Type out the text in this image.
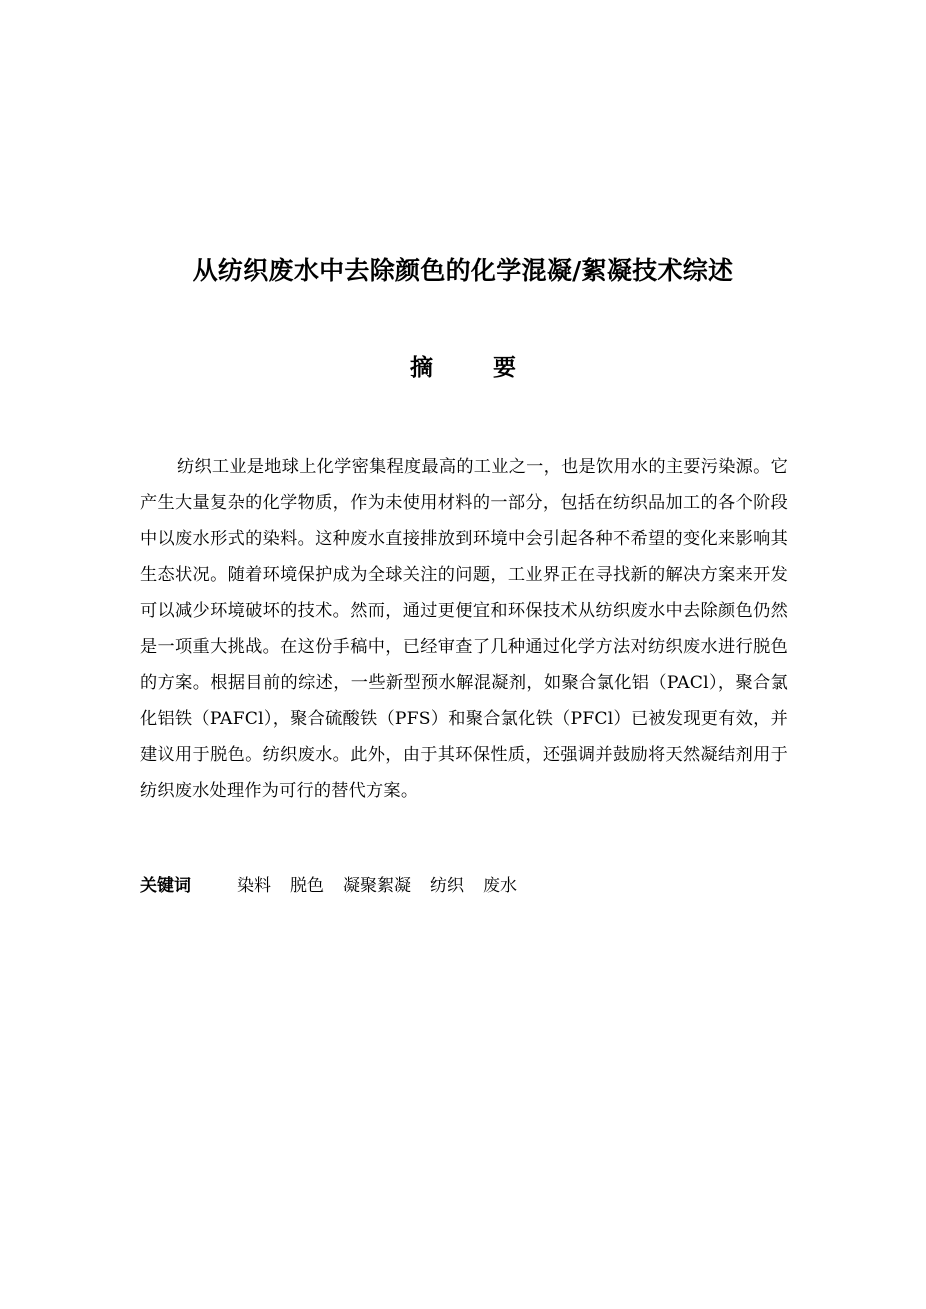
从纺织废水中去除颜色的化学混凝/絮凝技术综述
摘 要
纺织工业是地球上化学密集程度最高的工业之一，也是饮用水的主要污染源。它产生大量复杂的化学物质，作为未使用材料的一部分，包括在纺织品加工的各个阶段中以废水形式的染料。这种废水直接排放到环境中会引起各种不希望的变化来影响其生态状况。随着环境保护成为全球关注的问题，工业界正在寻找新的解决方案来开发可以减少环境破坏的技术。然而，通过更便宜和环保技术从纺织废水中去除颜色仍然是一项重大挑战。在这份手稿中，已经审查了几种通过化学方法对纺织废水进行脱色的方案。根据目前的综述，一些新型预水解混凝剂，如聚合氯化铝（PACl），聚合氯化铝铁（PAFCl），聚合硫酸铁（PFS）和聚合氯化铁（PFCl）已被发现更有效，并建议用于脱色。纺织废水。此外，由于其环保性质，还强调并鼓励将天然凝结剂用于纺织废水处理作为可行的替代方案。
关键词	染料 脱色 凝聚絮凝 纺织 废水
